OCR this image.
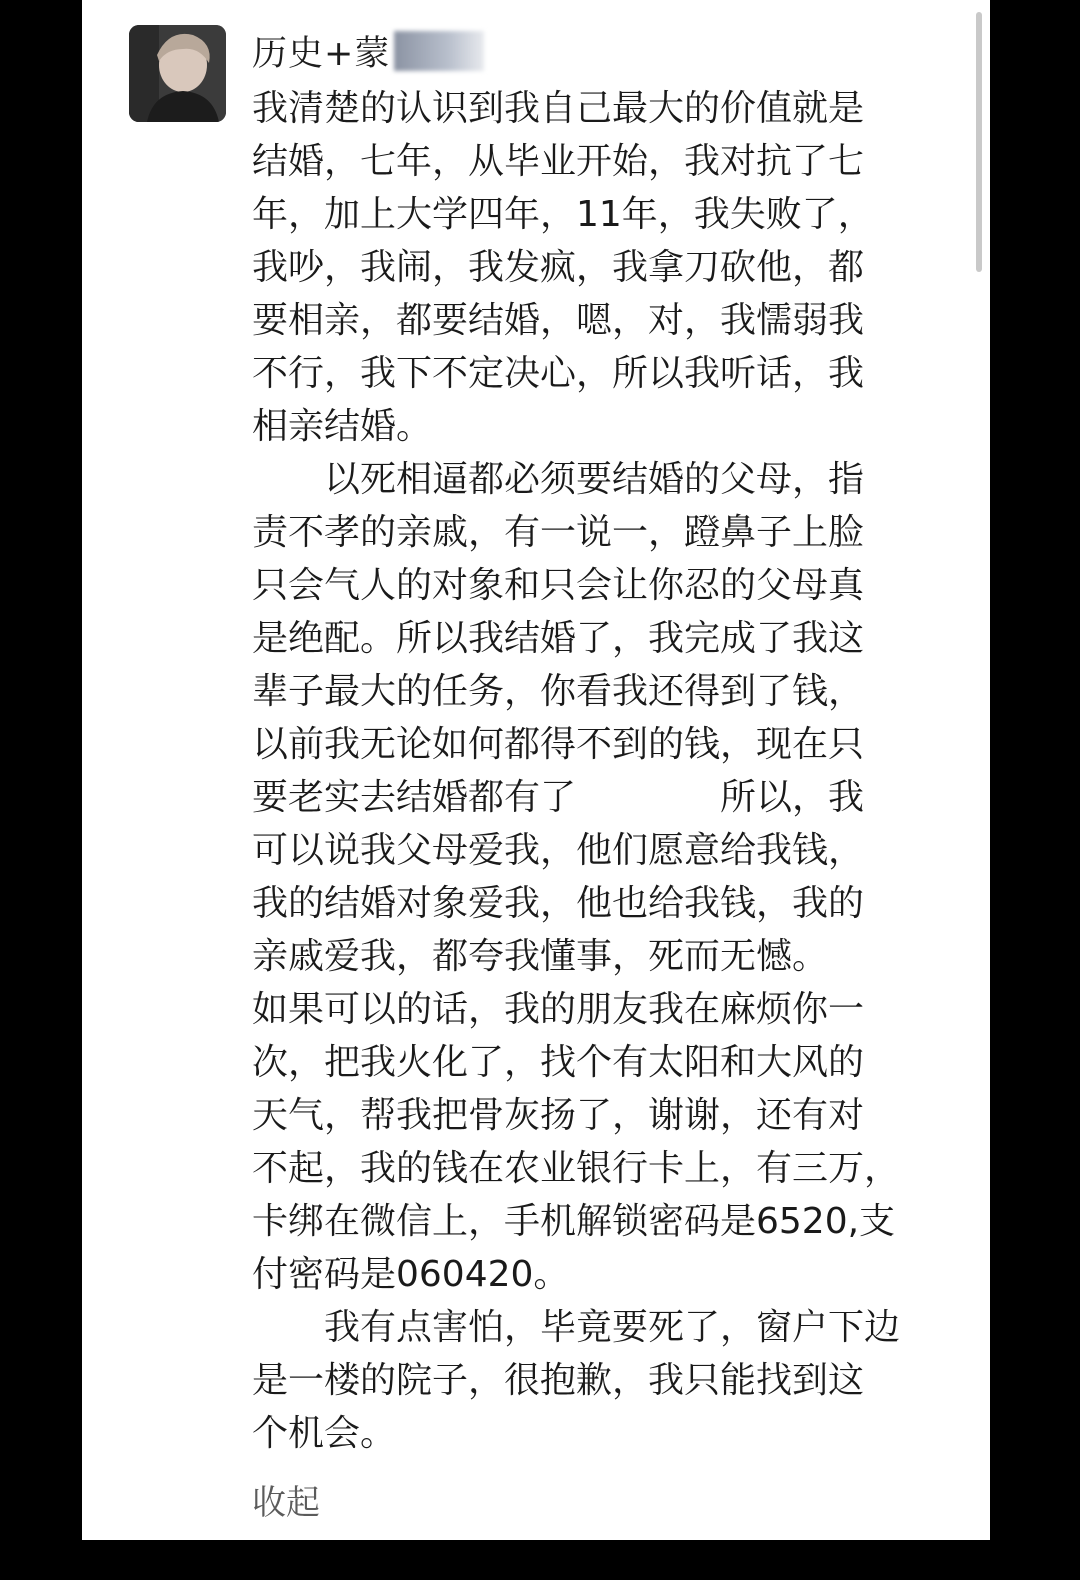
历史+蒙
我清楚的认识到我自己最大的价值就是
结婚，七年，从毕业开始，我对抗了七
年，加上大学四年，11年，我失败了，
我吵，我闹，我发疯，我拿刀砍他，都
要相亲，都要结婚，嗯，对，我懦弱我
不行，我下不定决心，所以我听话，我
相亲结婚。
　　以死相逼都必须要结婚的父母，指
责不孝的亲戚，有一说一，蹬鼻子上脸
只会气人的对象和只会让你忍的父母真
是绝配。所以我结婚了，我完成了我这
辈子最大的任务，你看我还得到了钱，
以前我无论如何都得不到的钱，现在只
要老实去结婚都有了　　　　所以，我
可以说我父母爱我，他们愿意给我钱，
我的结婚对象爱我，他也给我钱，我的
亲戚爱我，都夸我懂事，死而无憾。
如果可以的话，我的朋友我在麻烦你一
次，把我火化了，找个有太阳和大风的
天气，帮我把骨灰扬了，谢谢，还有对
不起，我的钱在农业银行卡上，有三万，
卡绑在微信上，手机解锁密码是6520,支
付密码是060420。
　　我有点害怕，毕竟要死了，窗户下边
是一楼的院子，很抱歉，我只能找到这
个机会。
收起
